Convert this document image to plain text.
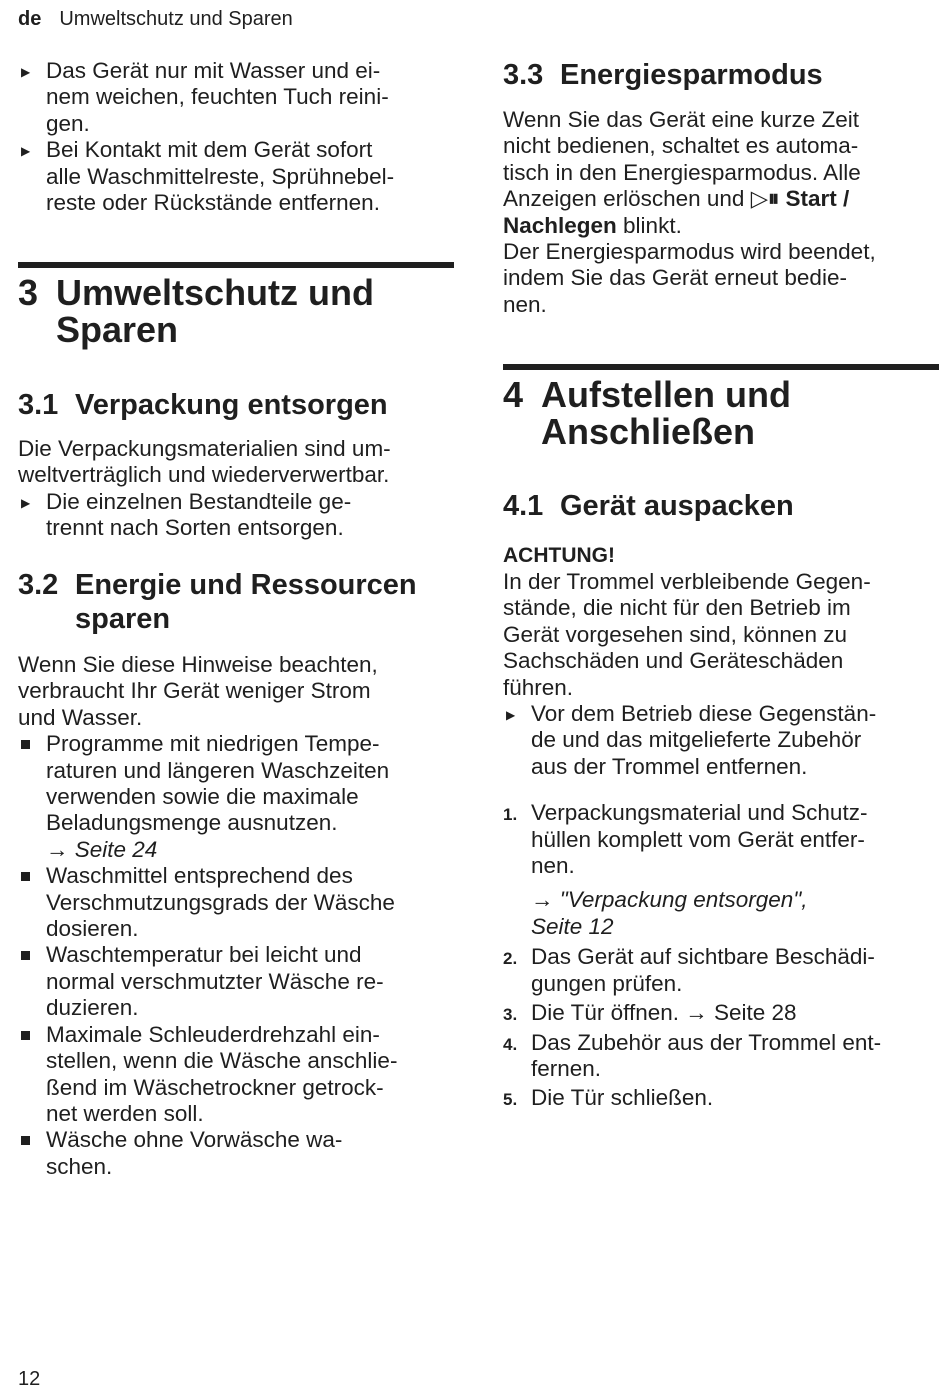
de Umweltschutz und Sparen
▶ Das Gerät nur mit Wasser und ei-
nem weichen, feuchten Tuch reini-
gen.
▶ Bei Kontakt mit dem Gerät sofort
alle Waschmittelreste, Sprühnebel-
reste oder Rückstände entfernen.
3 Umweltschutz und
Sparen
3.1 Verpackung entsorgen

Die Verpackungsmaterialien sind um-

weltverträglich und wiederverwertbar.

▶ Die einzelnen Bestandteile ge-
trennt nach Sorten entsorgen.
3.2 Energie und Ressourcen
sparen

Wenn Sie diese Hinweise beachten,

verbraucht Ihr Gerät weniger Strom

und Wasser.

Programme mit niedrigen Tempe-
raturen und längeren Waschzeiten
verwenden sowie die maximale
Beladungsmenge ausnutzen.
→ Seite 24
Waschmittel entsprechend des
Verschmutzungsgrads der Wäsche
dosieren.
Waschtemperatur bei leicht und
normal verschmutzter Wäsche re-
duzieren.
Maximale Schleuderdrehzahl ein-
stellen, wenn die Wäsche anschlie-
ßend im Wäschetrockner getrock-
net werden soll.
Wäsche ohne Vorwäsche wa-
schen.
3.3 Energiesparmodus

Wenn Sie das Gerät eine kurze Zeit

nicht bedienen, schaltet es automa-

tisch in den Energiesparmodus. Alle

Anzeigen erlöschen und ▷⏸ Start /

Nachlegen blinkt.

Der Energiesparmodus wird beendet,

indem Sie das Gerät erneut bedie-

nen.

4 Aufstellen und
Anschließen
4.1 Gerät auspacken
ACHTUNG!

In der Trommel verbleibende Gegen-

stände, die nicht für den Betrieb im

Gerät vorgesehen sind, können zu

Sachschäden und Geräteschäden

führen.

▶ Vor dem Betrieb diese Gegenstän-
de und das mitgelieferte Zubehör
aus der Trommel entfernen.
1. Verpackungsmaterial und Schutz-
hüllen komplett vom Gerät entfer-
nen.
→ "Verpackung entsorgen",
Seite 12
2. Das Gerät auf sichtbare Beschädi-
gungen prüfen.
3. Die Tür öffnen. → Seite 28
4. Das Zubehör aus der Trommel ent-
fernen.
5. Die Tür schließen.
12
